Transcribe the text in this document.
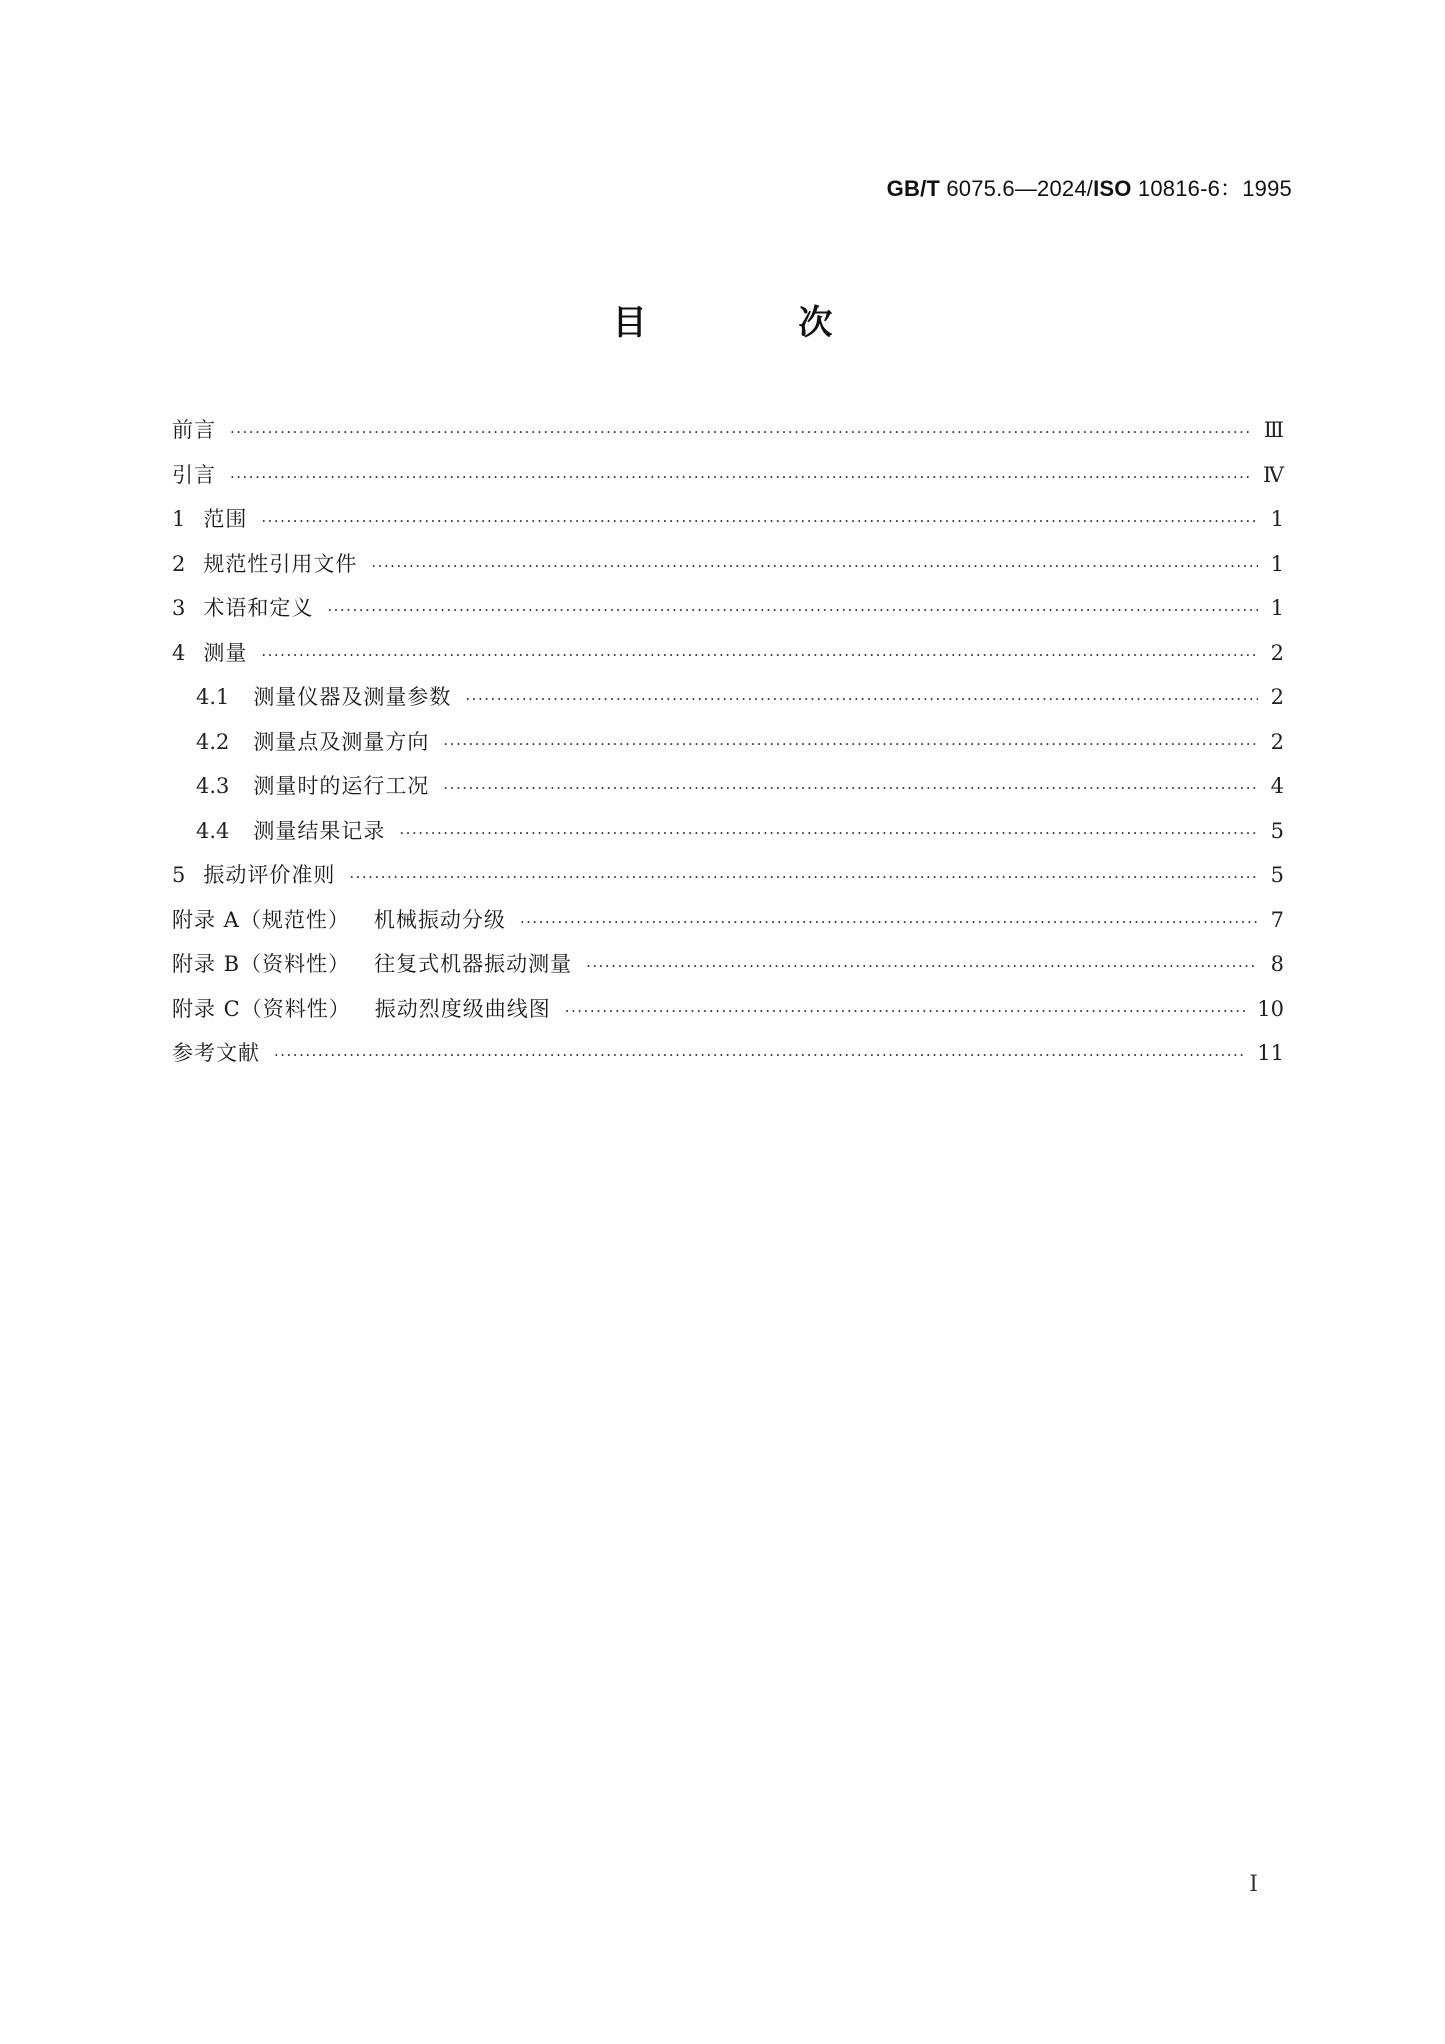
GB/T 6075.6—2024/ISO 10816-6：1995
目 次
前言 ·····	Ⅲ
引言 ·····	Ⅳ
1 范围 ·····	1
2 规范性引用文件 ·····	1
3 术语和定义 ·····	1
4 测量 ·····	2
4.1 测量仪器及测量参数 ·····	2
4.2 测量点及测量方向 ·····	2
4.3 测量时的运行工况 ·····	4
4.4 测量结果记录 ·····	5
5 振动评价准则 ·····	5
附录 A（规范性） 机械振动分级 ·····	7
附录 B（资料性） 往复式机器振动测量 ·····	8
附录 C（资料性） 振动烈度级曲线图 ·····	10
参考文献 ·····	11
Ⅰ
